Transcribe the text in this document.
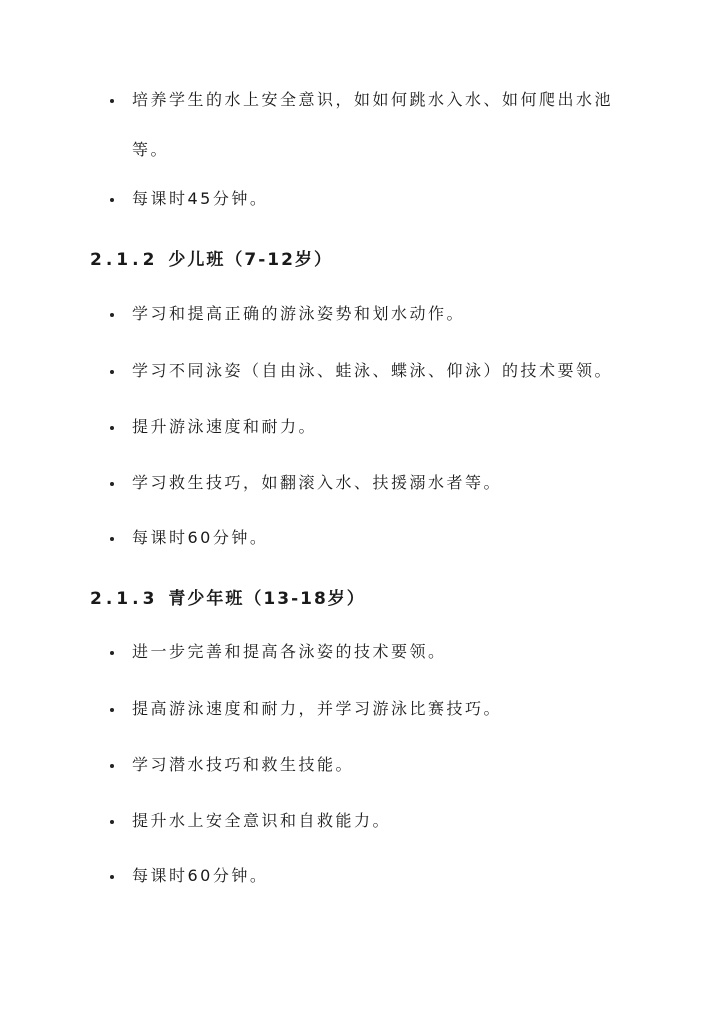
培养学生的水上安全意识，如如何跳水入水、如何爬出水池等。
每课时45分钟。
2.1.2 少儿班（7-12岁）
学习和提高正确的游泳姿势和划水动作。
学习不同泳姿（自由泳、蛙泳、蝶泳、仰泳）的技术要领。
提升游泳速度和耐力。
学习救生技巧，如翻滚入水、扶援溺水者等。
每课时60分钟。
2.1.3 青少年班（13-18岁）
进一步完善和提高各泳姿的技术要领。
提高游泳速度和耐力，并学习游泳比赛技巧。
学习潜水技巧和救生技能。
提升水上安全意识和自救能力。
每课时60分钟。
